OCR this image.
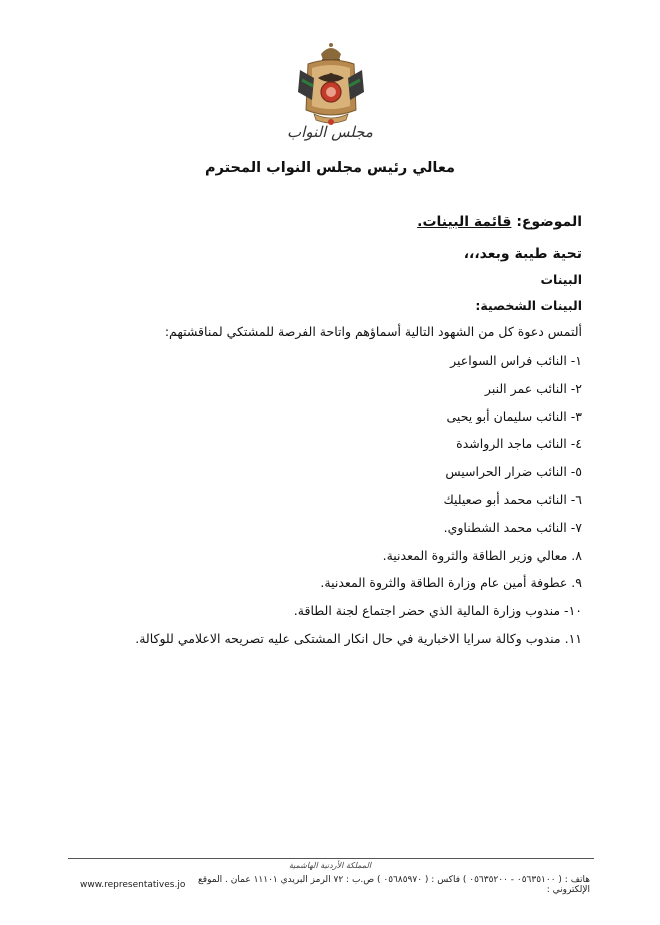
مجلس النواب
معالي رئيس مجلس النواب المحترم
الموضوع: قائمة البينات.
تحية طيبة وبعد،،،
البينات
البينات الشخصية:
ألتمس دعوة كل من الشهود التالية أسماؤهم واتاحة الفرصة للمشتكي لمناقشتهم:
١- النائب فراس السواعير
٢- النائب عمر النبر
٣- النائب سليمان أبو يحيى
٤- النائب ماجد الرواشدة
٥- النائب ضرار الحراسيس
٦- النائب محمد أبو صعيليك
٧- النائب محمد الشطناوي.
٨. معالي وزير الطاقة والثروة المعدنية.
٩. عطوفة أمين عام وزارة الطاقة والثروة المعدنية.
١٠- مندوب وزارة المالية الذي حضر اجتماع لجنة الطاقة.
١١. مندوب وكالة سرايا الاخبارية في حال انكار المشتكى عليه تصريحه الاعلامي للوكالة.
المملكة الأردنية الهاشمية
www.representatives.jo	هاتف : ( ٠٥٦٣٥١٠٠ - ٠٥٦٣٥٢٠٠ ) فاكس : ( ٠٥٦٨٥٩٧٠ ) ص.ب : ٧٢ الرمز البريدي ١١١٠١ عمان . الموقع الإلكتروني :
